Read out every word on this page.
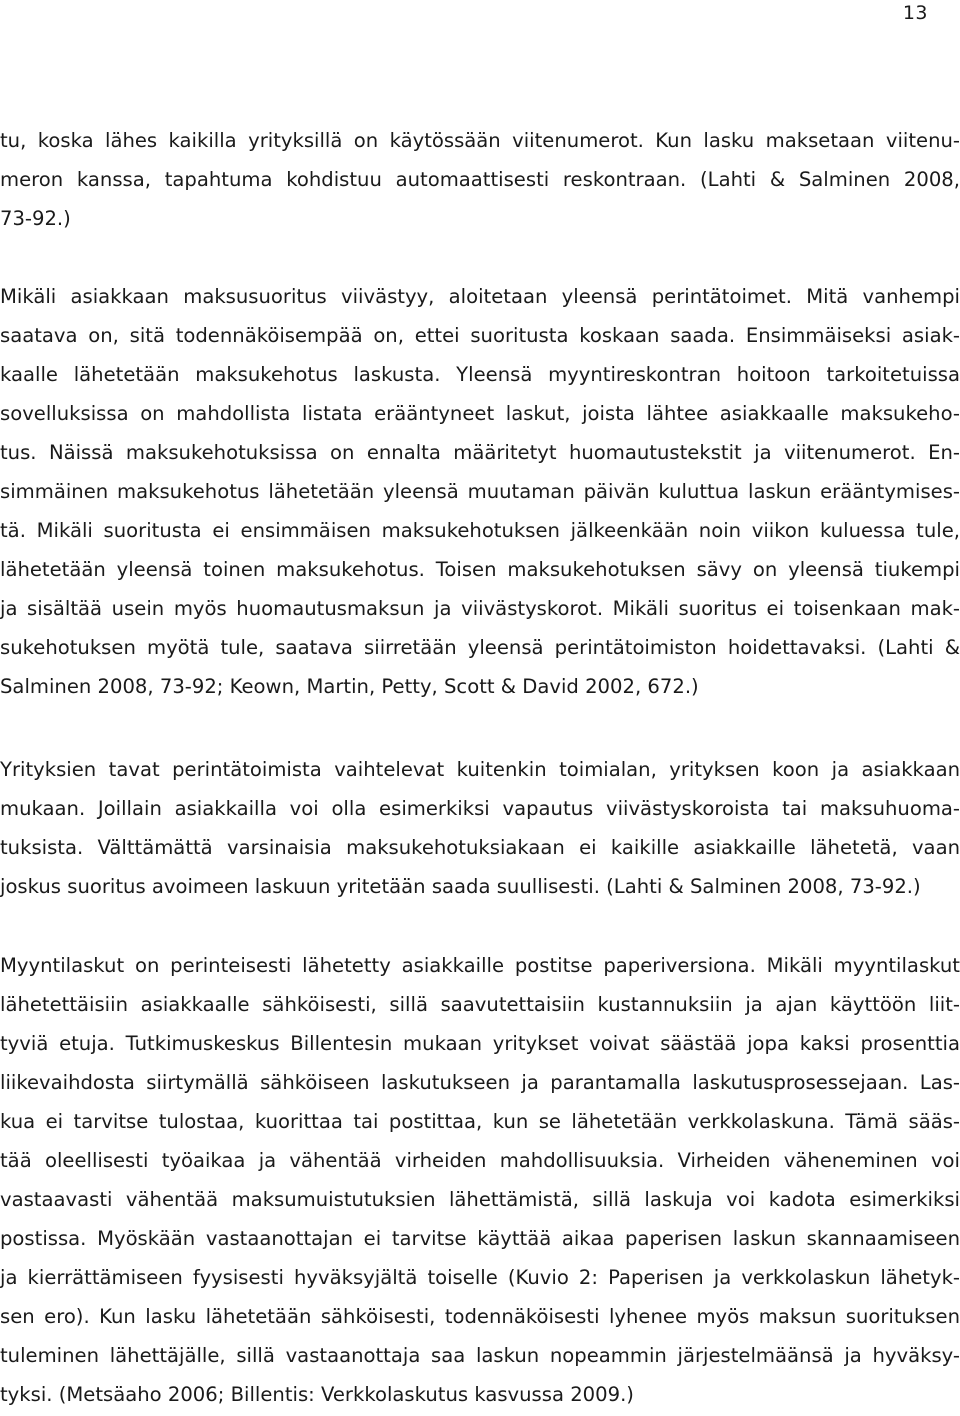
13
tu, koska lähes kaikilla yrityksillä on käytössään viitenumerot. Kun lasku maksetaan viitenu-
meron kanssa, tapahtuma kohdistuu automaattisesti reskontraan. (Lahti & Salminen 2008,
73-92.)
Mikäli asiakkaan maksusuoritus viivästyy, aloitetaan yleensä perintätoimet. Mitä vanhempi
saatava on, sitä todennäköisempää on, ettei suoritusta koskaan saada. Ensimmäiseksi asiak-
kaalle lähetetään maksukehotus laskusta. Yleensä myyntireskontran hoitoon tarkoitetuissa
sovelluksissa on mahdollista listata erääntyneet laskut, joista lähtee asiakkaalle maksukeho-
tus. Näissä maksukehotuksissa on ennalta määritetyt huomautustekstit ja viitenumerot. En-
simmäinen maksukehotus lähetetään yleensä muutaman päivän kuluttua laskun erääntymises-
tä. Mikäli suoritusta ei ensimmäisen maksukehotuksen jälkeenkään noin viikon kuluessa tule,
lähetetään yleensä toinen maksukehotus. Toisen maksukehotuksen sävy on yleensä tiukempi
ja sisältää usein myös huomautusmaksun ja viivästyskorot. Mikäli suoritus ei toisenkaan mak-
sukehotuksen myötä tule, saatava siirretään yleensä perintätoimiston hoidettavaksi. (Lahti &
Salminen 2008, 73-92; Keown, Martin, Petty, Scott & David 2002, 672.)
Yrityksien tavat perintätoimista vaihtelevat kuitenkin toimialan, yrityksen koon ja asiakkaan
mukaan. Joillain asiakkailla voi olla esimerkiksi vapautus viivästyskoroista tai maksuhuoma-
tuksista. Välttämättä varsinaisia maksukehotuksiakaan ei kaikille asiakkaille lähetetä, vaan
joskus suoritus avoimeen laskuun yritetään saada suullisesti. (Lahti & Salminen 2008, 73-92.)
Myyntilaskut on perinteisesti lähetetty asiakkaille postitse paperiversiona. Mikäli myyntilaskut
lähetettäisiin asiakkaalle sähköisesti, sillä saavutettaisiin kustannuksiin ja ajan käyttöön liit-
tyviä etuja. Tutkimuskeskus Billentesin mukaan yritykset voivat säästää jopa kaksi prosenttia
liikevaihdosta siirtymällä sähköiseen laskutukseen ja parantamalla laskutusprosessejaan. Las-
kua ei tarvitse tulostaa, kuorittaa tai postittaa, kun se lähetetään verkkolaskuna. Tämä sääs-
tää oleellisesti työaikaa ja vähentää virheiden mahdollisuuksia. Virheiden väheneminen voi
vastaavasti vähentää maksumuistutuksien lähettämistä, sillä laskuja voi kadota esimerkiksi
postissa. Myöskään vastaanottajan ei tarvitse käyttää aikaa paperisen laskun skannaamiseen
ja kierrättämiseen fyysisesti hyväksyjältä toiselle (Kuvio 2: Paperisen ja verkkolaskun lähetyk-
sen ero). Kun lasku lähetetään sähköisesti, todennäköisesti lyhenee myös maksun suorituksen
tuleminen lähettäjälle, sillä vastaanottaja saa laskun nopeammin järjestelmäänsä ja hyväksy-
tyksi. (Metsäaho 2006; Billentis: Verkkolaskutus kasvussa 2009.)
